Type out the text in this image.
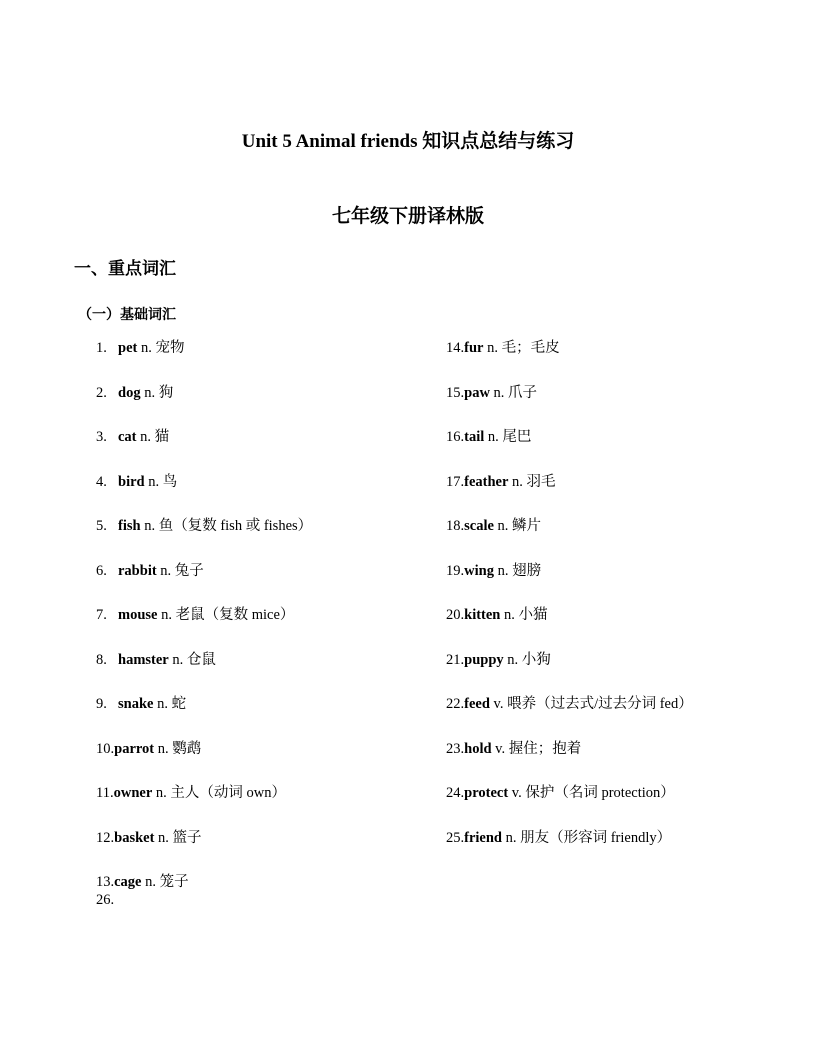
Unit 5 Animal friends 知识点总结与练习
七年级下册译林版
一、重点词汇
（一）基础词汇
1. pet n. 宠物
2. dog n. 狗
3. cat n. 猫
4. bird n. 鸟
5. fish n. 鱼（复数 fish 或 fishes）
6. rabbit n. 兔子
7. mouse n. 老鼠（复数 mice）
8. hamster n. 仓鼠
9. snake n. 蛇
10.parrot n. 鹦鹉
11.owner n. 主人（动词 own）
12.basket n. 篮子
13.cage n. 笼子
14.fur n. 毛；毛皮
15.paw n. 爪子
16.tail n. 尾巴
17.feather n. 羽毛
18.scale n. 鳞片
19.wing n. 翅膀
20.kitten n. 小猫
21.puppy n. 小狗
22.feed v. 喂养（过去式/过去分词 fed）
23.hold v. 握住；抱着
24.protect v. 保护（名词 protection）
25.friend n. 朋友（形容词 friendly）
26.
